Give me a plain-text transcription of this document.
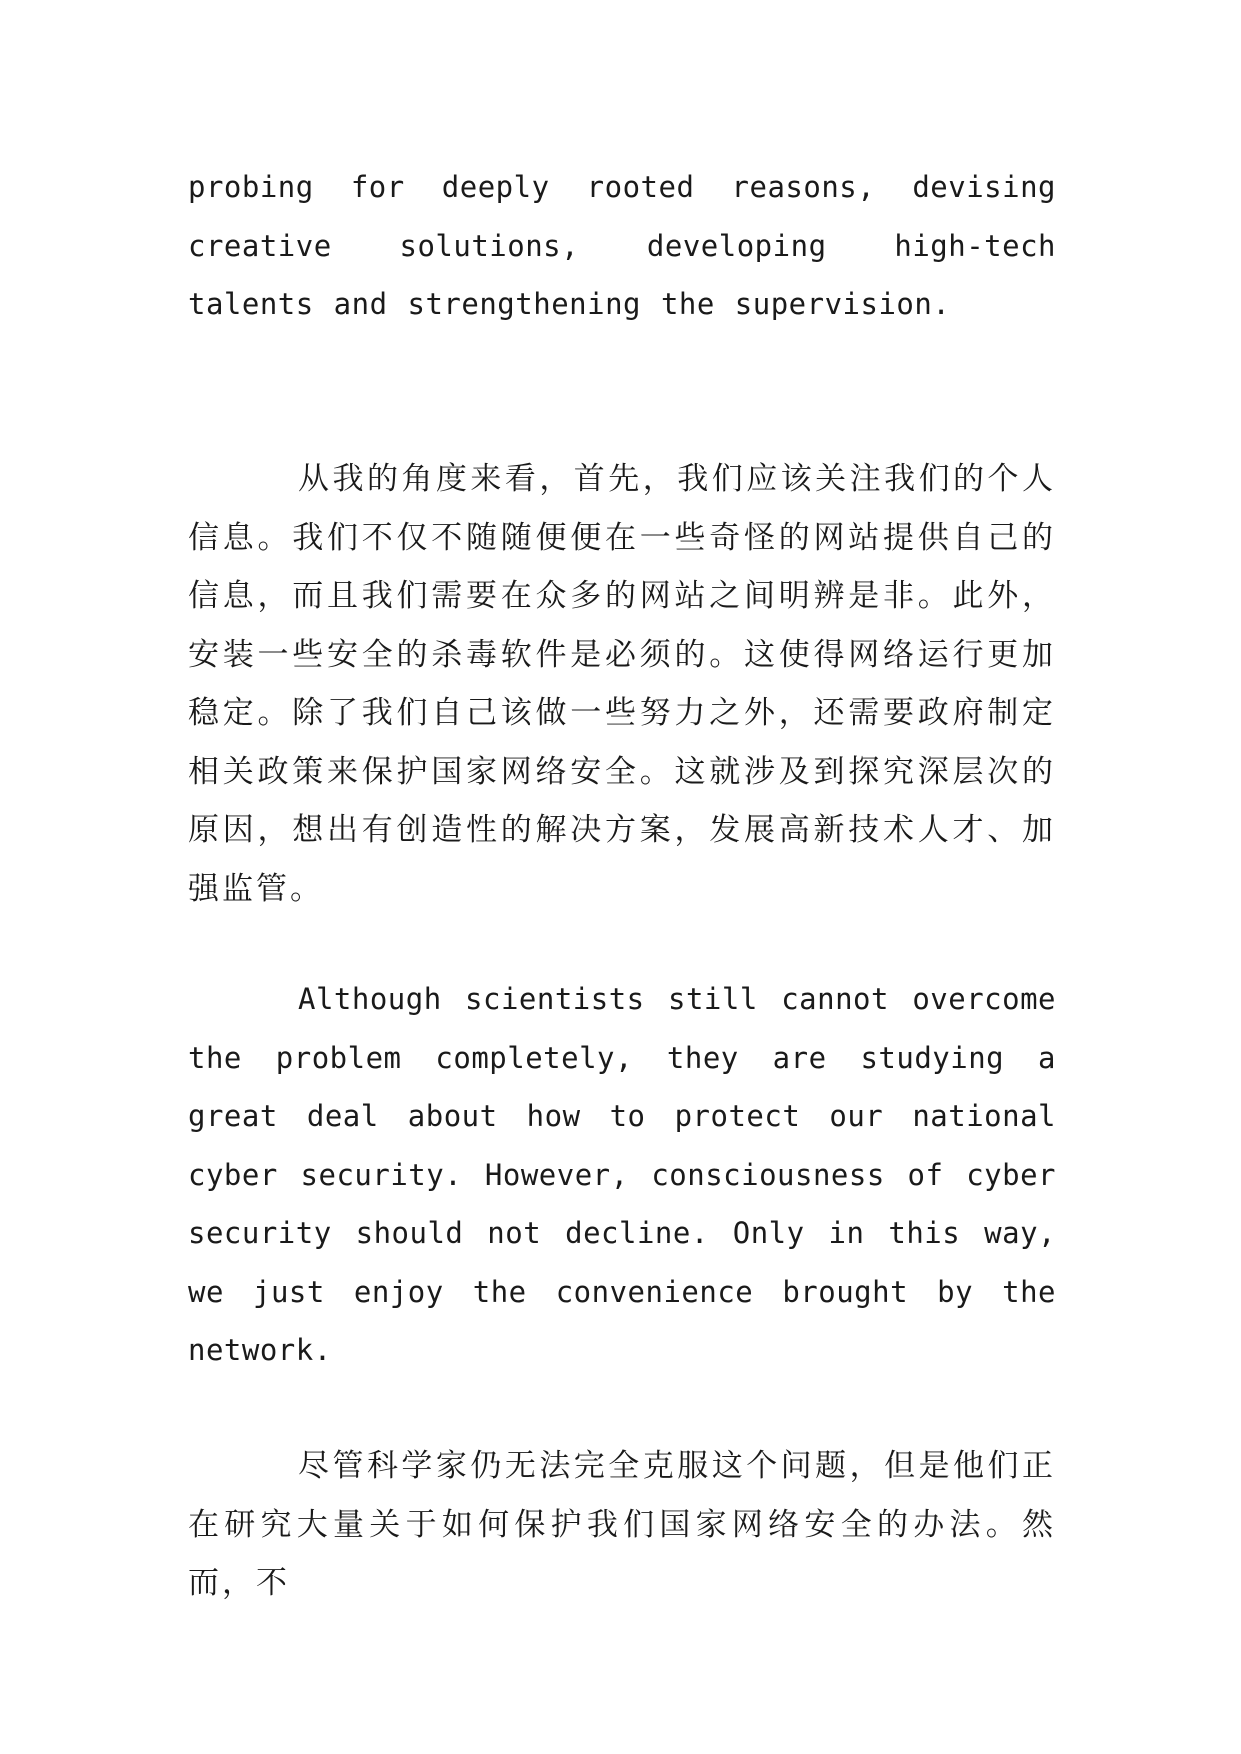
probing for deeply rooted reasons, devising creative solutions, developing high-tech talents and strengthening the supervision.

从我的角度来看，首先，我们应该关注我们的个人信息。我们不仅不随随便便在一些奇怪的网站提供自己的信息，而且我们需要在众多的网站之间明辨是非。此外，安装一些安全的杀毒软件是必须的。这使得网络运行更加稳定。除了我们自己该做一些努力之外，还需要政府制定相关政策来保护国家网络安全。这就涉及到探究深层次的原因，想出有创造性的解决方案，发展高新技术人才、加强监管。

Although scientists still cannot overcome the problem completely, they are studying a great deal about how to protect our national cyber security. However, consciousness of cyber security should not decline. Only in this way, we just enjoy the convenience brought by the network.

尽管科学家仍无法完全克服这个问题，但是他们正在研究大量关于如何保护我们国家网络安全的办法。然而，不
